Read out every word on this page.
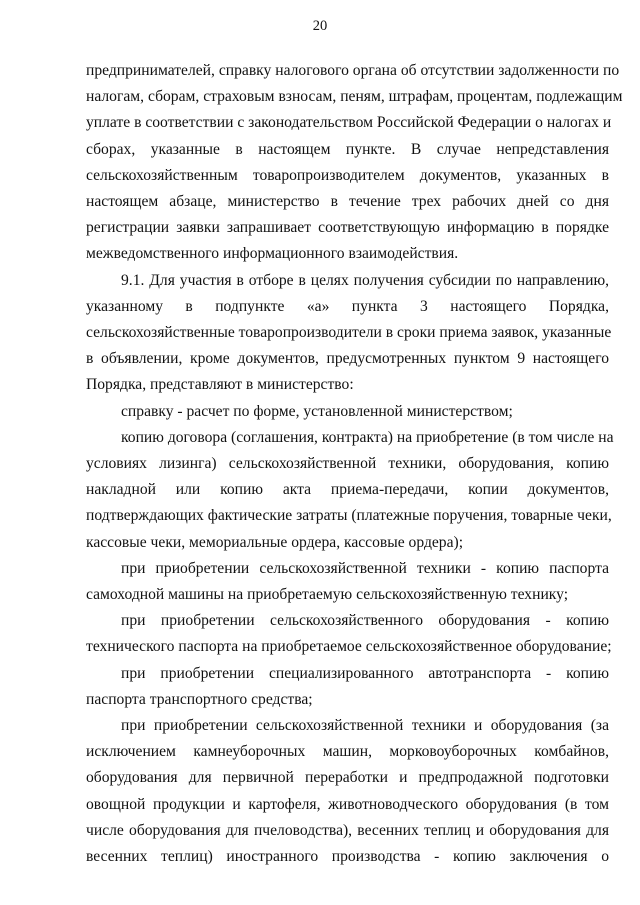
20
предпринимателей, справку налогового органа об отсутствии задолженности по
налогам, сборам, страховым взносам, пеням, штрафам, процентам, подлежащим
уплате в соответствии с законодательством Российской Федерации о налогах и
сборах, указанные в настоящем пункте. В случае непредставления
сельскохозяйственным товаропроизводителем документов, указанных в
настоящем абзаце, министерство в течение трех рабочих дней со дня
регистрации заявки запрашивает соответствующую информацию в порядке
межведомственного информационного взаимодействия.
9.1. Для участия в отборе в целях получения субсидии по направлению,
указанному в подпункте «а» пункта 3 настоящего Порядка,
сельскохозяйственные товаропроизводители в сроки приема заявок, указанные
в объявлении, кроме документов, предусмотренных пунктом 9 настоящего
Порядка, представляют в министерство:
справку - расчет по форме, установленной министерством;
копию договора (соглашения, контракта) на приобретение (в том числе на
условиях лизинга) сельскохозяйственной техники, оборудования, копию
накладной или копию акта приема-передачи, копии документов,
подтверждающих фактические затраты (платежные поручения, товарные чеки,
кассовые чеки, мемориальные ордера, кассовые ордера);
при приобретении сельскохозяйственной техники - копию паспорта
самоходной машины на приобретаемую сельскохозяйственную технику;
при приобретении сельскохозяйственного оборудования - копию
технического паспорта на приобретаемое сельскохозяйственное оборудование;
при приобретении специализированного автотранспорта - копию
паспорта транспортного средства;
при приобретении сельскохозяйственной техники и оборудования (за
исключением камнеуборочных машин, морковоуборочных комбайнов,
оборудования для первичной переработки и предпродажной подготовки
овощной продукции и картофеля, животноводческого оборудования (в том
числе оборудования для пчеловодства), весенних теплиц и оборудования для
весенних теплиц) иностранного производства - копию заключения о
